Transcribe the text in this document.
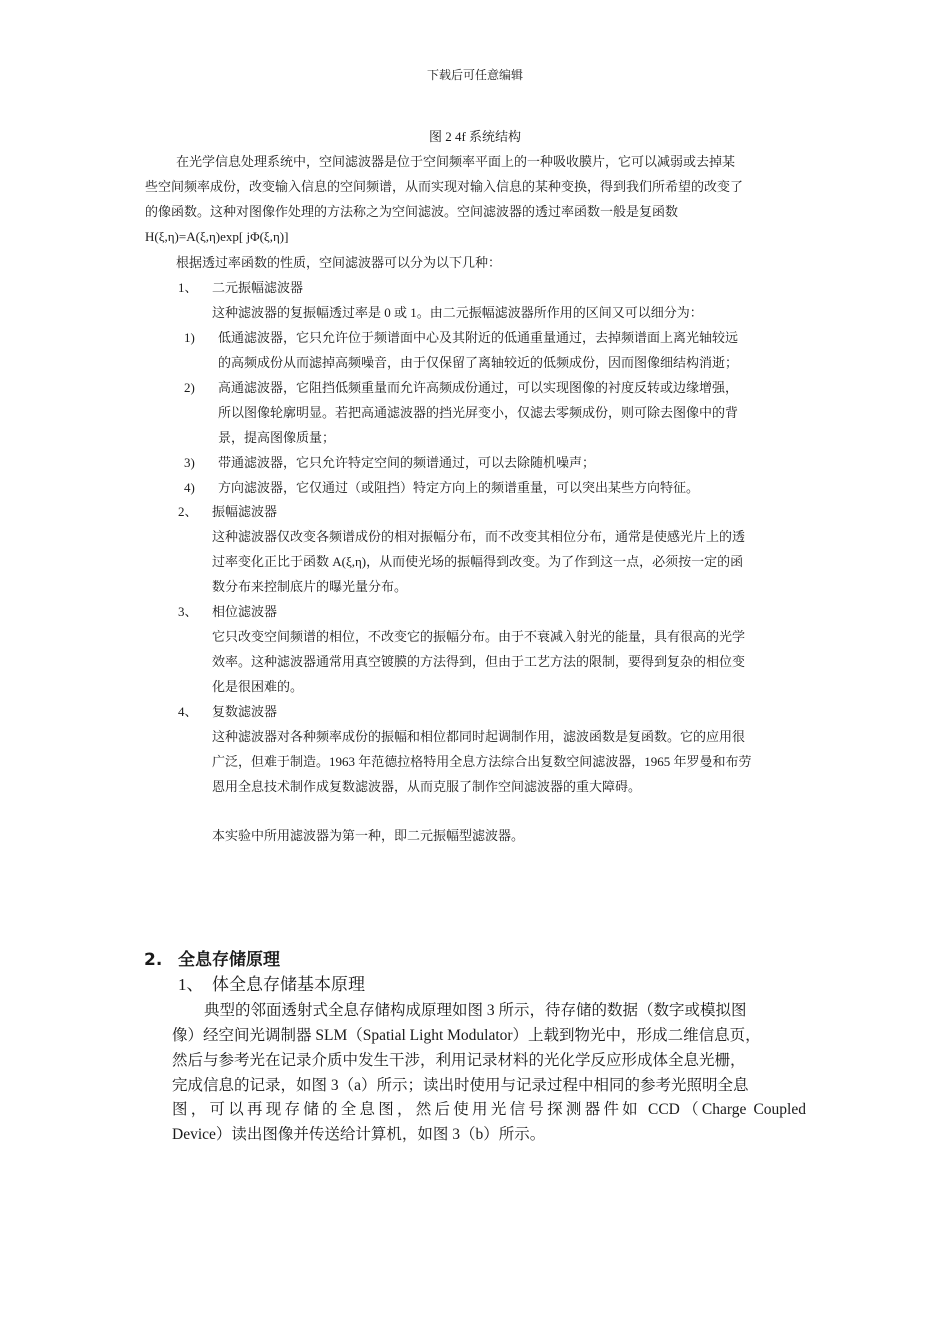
下载后可任意编辑
图 2 4f 系统结构
在光学信息处理系统中，空间滤波器是位于空间频率平面上的一种吸收膜片，它可以减弱或去掉某
些空间频率成份，改变输入信息的空间频谱，从而实现对输入信息的某种变换，得到我们所希望的改变了
的像函数。这种对图像作处理的方法称之为空间滤波。空间滤波器的透过率函数一般是复函数
H(ξ,η)=A(ξ,η)exp[ jΦ(ξ,η)]
根据透过率函数的性质，空间滤波器可以分为以下几种：
1、 二元振幅滤波器
这种滤波器的复振幅透过率是 0 或 1。由二元振幅滤波器所作用的区间又可以细分为：
1) 低通滤波器，它只允许位于频谱面中心及其附近的低通重量通过，去掉频谱面上离光轴较远
的高频成份从而滤掉高频噪音，由于仅保留了离轴较近的低频成份，因而图像细结构消逝；
2) 高通滤波器，它阻挡低频重量而允许高频成份通过，可以实现图像的衬度反转或边缘增强，
所以图像轮廓明显。若把高通滤波器的挡光屏变小，仅滤去零频成份，则可除去图像中的背
景，提高图像质量；
3) 带通滤波器，它只允许特定空间的频谱通过，可以去除随机噪声；
4) 方向滤波器，它仅通过（或阻挡）特定方向上的频谱重量，可以突出某些方向特征。
2、 振幅滤波器
这种滤波器仅改变各频谱成份的相对振幅分布，而不改变其相位分布，通常是使感光片上的透
过率变化正比于函数 A(ξ,η)，从而使光场的振幅得到改变。为了作到这一点，必须按一定的函
数分布来控制底片的曝光量分布。
3、 相位滤波器
它只改变空间频谱的相位，不改变它的振幅分布。由于不衰减入射光的能量，具有很高的光学
效率。这种滤波器通常用真空镀膜的方法得到，但由于工艺方法的限制，要得到复杂的相位变
化是很困难的。
4、 复数滤波器
这种滤波器对各种频率成份的振幅和相位都同时起调制作用，滤波函数是复函数。它的应用很
广泛，但难于制造。1963 年范德拉格特用全息方法综合出复数空间滤波器，1965 年罗曼和布劳
恩用全息技术制作成复数滤波器，从而克服了制作空间滤波器的重大障碍。
本实验中所用滤波器为第一种，即二元振幅型滤波器。
2. 全息存储原理
1、 体全息存储基本原理
典型的邻面透射式全息存储构成原理如图 3 所示，待存储的数据（数字或模拟图
像）经空间光调制器 SLM（Spatial Light Modulator）上载到物光中，形成二维信息页，
然后与参考光在记录介质中发生干涉，利用记录材料的光化学反应形成体全息光栅，
完成信息的记录，如图 3（a）所示；读出时使用与记录过程中相同的参考光照明全息
图，可以再现存储的全息图，然后使用光信号探测器件如 CCD（Charge Coupled
Device）读出图像并传送给计算机，如图 3（b）所示。
